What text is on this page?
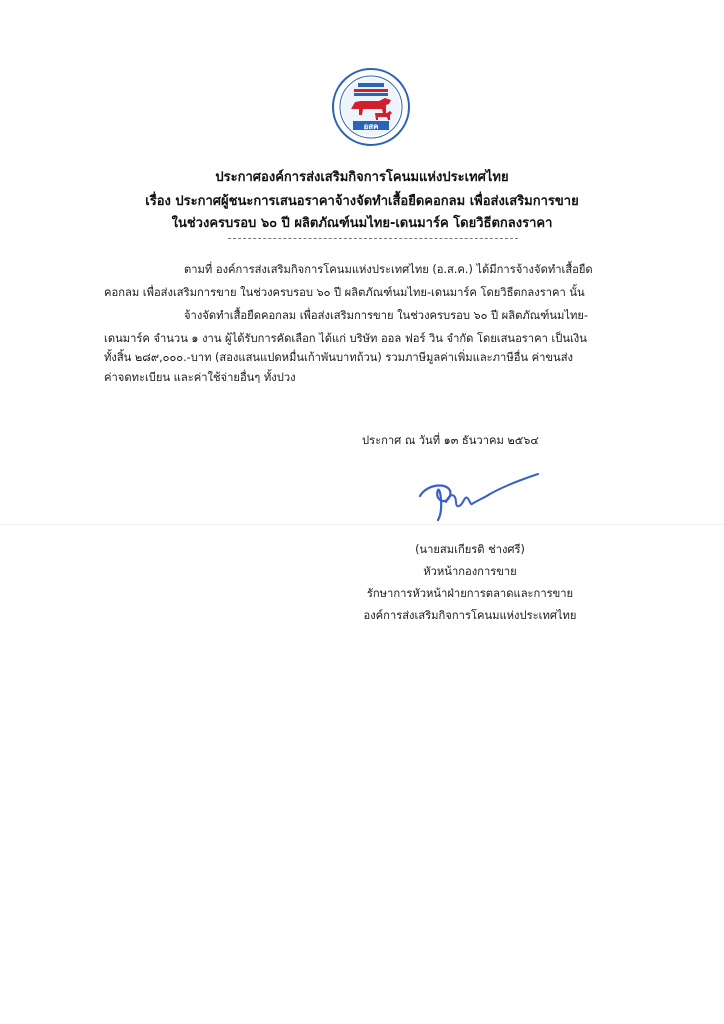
อสค
ประกาศองค์การส่งเสริมกิจการโคนมแห่งประเทศไทย
เรื่อง ประกาศผู้ชนะการเสนอราคาจ้างจัดทำเสื้อยืดคอกลม เพื่อส่งเสริมการขาย
ในช่วงครบรอบ ๖๐ ปี ผลิตภัณฑ์นมไทย-เดนมาร์ค โดยวิธีตกลงราคา
ตามที่ องค์การส่งเสริมกิจการโคนมแห่งประเทศไทย (อ.ส.ค.) ได้มีการจ้างจัดทำเสื้อยืด
คอกลม เพื่อส่งเสริมการขาย ในช่วงครบรอบ ๖๐ ปี ผลิตภัณฑ์นมไทย-เดนมาร์ค โดยวิธีตกลงราคา นั้น
จ้างจัดทำเสื้อยืดคอกลม เพื่อส่งเสริมการขาย ในช่วงครบรอบ ๖๐ ปี ผลิตภัณฑ์นมไทย-
เดนมาร์ค จำนวน ๑ งาน ผู้ได้รับการคัดเลือก ได้แก่ บริษัท ออล ฟอร์ วิน จำกัด โดยเสนอราคา เป็นเงิน
ทั้งสิ้น ๒๘๙,๐๐๐.-บาท (สองแสนแปดหมื่นเก้าพันบาทถ้วน) รวมภาษีมูลค่าเพิ่มและภาษีอื่น ค่าขนส่ง
ค่าจดทะเบียน และค่าใช้จ่ายอื่นๆ ทั้งปวง
ประกาศ ณ วันที่ ๑๓ ธันวาคม ๒๕๖๔
(นายสมเกียรติ ช่างศรี)
หัวหน้ากองการขาย
รักษาการหัวหน้าฝ่ายการตลาดและการขาย
องค์การส่งเสริมกิจการโคนมแห่งประเทศไทย
